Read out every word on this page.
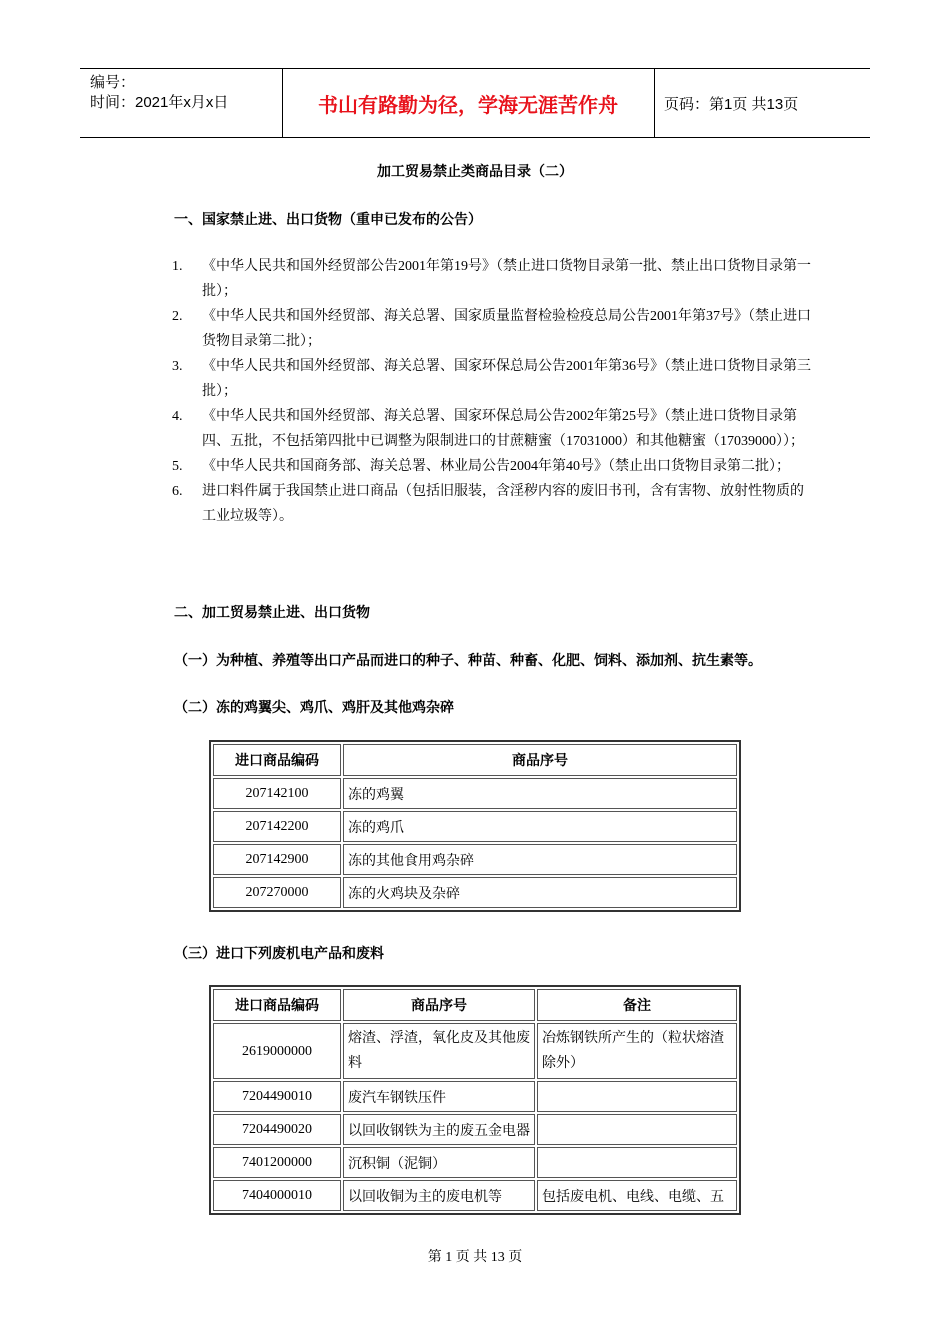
编号：
时间：2021年x月x日	书山有路勤为径，学海无涯苦作舟	页码：第1页 共13页
加工贸易禁止类商品目录（二）
一、国家禁止进、出口货物（重申已发布的公告）
1. 《中华人民共和国外经贸部公告2001年第19号》（禁止进口货物目录第一批、禁止出口货物目录第一批）；
2. 《中华人民共和国外经贸部、海关总署、国家质量监督检验检疫总局公告2001年第37号》（禁止进口货物目录第二批）；
3. 《中华人民共和国外经贸部、海关总署、国家环保总局公告2001年第36号》（禁止进口货物目录第三批）；
4. 《中华人民共和国外经贸部、海关总署、国家环保总局公告2002年第25号》（禁止进口货物目录第四、五批，不包括第四批中已调整为限制进口的甘蔗糖蜜（17031000）和其他糖蜜（17039000））；
5. 《中华人民共和国商务部、海关总署、林业局公告2004年第40号》（禁止出口货物目录第二批）；
6. 进口料件属于我国禁止进口商品（包括旧服装，含淫秽内容的废旧书刊，含有害物、放射性物质的工业垃圾等）。
二、加工贸易禁止进、出口货物
（一）为种植、养殖等出口产品而进口的种子、种苗、种畜、化肥、饲料、添加剂、抗生素等。
（二）冻的鸡翼尖、鸡爪、鸡肝及其他鸡杂碎
进口商品编码	商品序号
207142100	冻的鸡翼
207142200	冻的鸡爪
207142900	冻的其他食用鸡杂碎
207270000	冻的火鸡块及杂碎
（三）进口下列废机电产品和废料
进口商品编码	商品序号	备注
2619000000	熔渣、浮渣，氧化皮及其他废料	冶炼钢铁所产生的（粒状熔渣除外）
7204490010	废汽车钢铁压件	
7204490020	以回收钢铁为主的废五金电器	
7401200000	沉积铜（泥铜）	
7404000010	以回收铜为主的废电机等	包括废电机、电线、电缆、五
第 1 页 共 13 页
